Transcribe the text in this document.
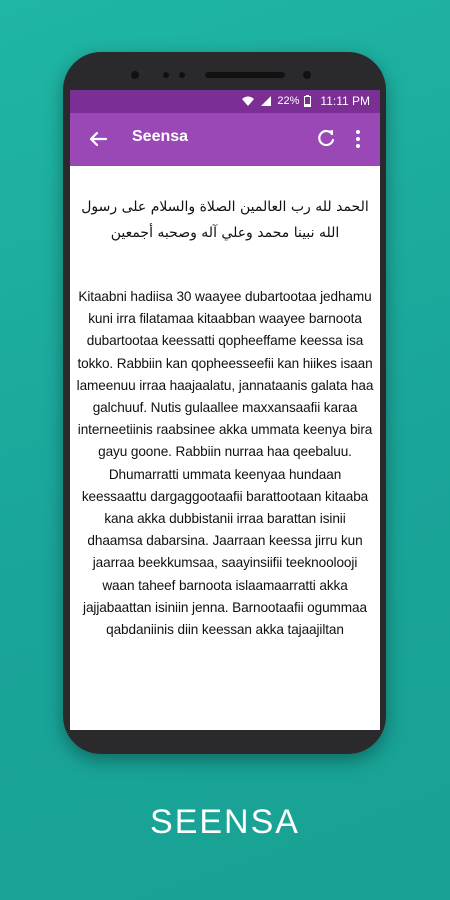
22% 11:11 PM
Seensa
الحمد لله رب العالمين الصلاة والسلام على رسول الله نبينا محمد وعلي آله وصحبه أجمعين
Kitaabni hadiisa 30 waayee dubartootaa jedhamu kuni irra filatamaa kitaabban waayee barnoota dubartootaa keessatti qopheeffame keessa isa tokko. Rabbiin kan qopheesseefii kan hiikes isaan lameenuu irraa haajaalatu, jannataanis galata haa galchuuf. Nutis gulaallee maxxansaafii karaa interneetiinis raabsinee akka ummata keenya bira gayu goone. Rabbiin nurraa haa qeebaluu. Dhumarratti ummata keenyaa hundaan keessaattu dargaggootaafii barattootaan kitaaba kana akka dubbistanii irraa barattan isinii dhaamsa dabarsina. Jaarraan keessa jirru kun jaarraa beekkumsaa, saayinsiifii teeknoolooji waan taheef barnoota islaamaarratti akka jajjabaattan isiniin jenna. Barnootaafii ogummaa qabdaniinis diin keessan akka tajaajiltan
SEENSA
